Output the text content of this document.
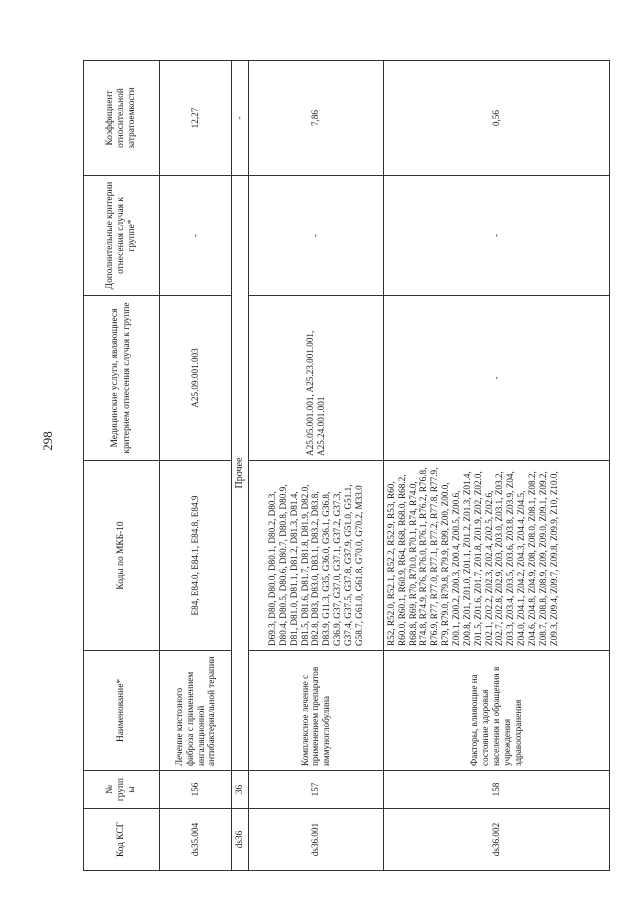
298
Код КСГ	№ группы	Наименование*	Коды по МКБ-10	Медицинские услуги, являющиеся критерием отнесения случая к группе	Дополнительные критерии отнесения случая к группе*	Коэффициент относительной затратоемкости
ds35.004	156	Лечение кистозного фиброза с применением ингаляционной антибактериальной терапии	E84, E84.0, E84.1, E84.8, E84.9	A25.09.001.003	-	12,27
ds36	36	Прочее				-
ds36.001	157	Комплексное лечение с применением препаратов иммуноглобулина	D69.3, D80, D80.0, D80.1, D80.2, D80.3, D80.4, D80.5, D80.6, D80.7, D80.8, D80.9, D81, D81.0, D81.1, D81.2, D81.3, D81.4, D81.5, D81.6, D81.7, D81.8, D81.9, D82.0, D82.8, D83, D83.0, D83.1, D83.2, D83.8, D83.9, G11.3, G35, G36.0, G36.1, G36.8, G36.9, G37, G37.0, G37.1, G37.2, G37.3, G37.4, G37.5, G37.8, G37.9, G51.0, G51.1, G58.7, G61.0, G61.8, G70.0, G70.2, M33.0	A25.05.001.001, A25.23.001.001, A25.24.001.001	-	7,86
ds36.002	158	Факторы, влияющие на состояние здоровья населения и обращения в учреждения здравоохранения	R52, R52.0, R52.1, R52.2, R52.9, R53, R60, R60.0, R60.1, R60.9, R64, R68, R68.0, R68.2, R68.8, R69, R70, R70.0, R70.1, R74, R74.0, R74.8, R74.9, R76, R76.0, R76.1, R76.2, R76.8, R76.9, R77, R77.0, R77.1, R77.2, R77.8, R77.9, R79, R79.0, R79.8, R79.9, R99, Z00, Z00.0, Z00.1, Z00.2, Z00.3, Z00.4, Z00.5, Z00.6, Z00.8, Z01, Z01.0, Z01.1, Z01.2, Z01.3, Z01.4, Z01.5, Z01.6, Z01.7, Z01.8, Z01.9, Z02, Z02.0, Z02.1, Z02.2, Z02.3, Z02.4, Z02.5, Z02.6, Z02.7, Z02.8, Z02.9, Z03, Z03.0, Z03.1, Z03.2, Z03.3, Z03.4, Z03.5, Z03.6, Z03.8, Z03.9, Z04, Z04.0, Z04.1, Z04.2, Z04.3, Z04.4, Z04.5, Z04.6, Z04.8, Z04.9, Z08, Z08.0, Z08.1, Z08.2, Z08.7, Z08.8, Z08.9, Z09, Z09.0, Z09.1, Z09.2, Z09.3, Z09.4, Z09.7, Z09.8, Z09.9, Z10, Z10.0,	-	-	0,56
